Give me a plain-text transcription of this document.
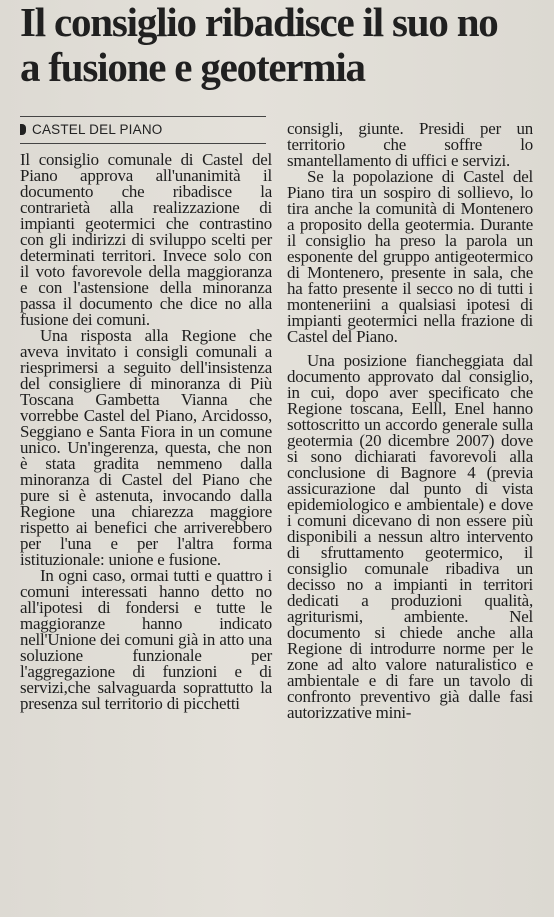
Il consiglio ribadisce il suo no
a fusione e geotermia
CASTEL DEL PIANO

Il consiglio comunale di Castel del Piano approva all'unanimità il documento che ribadisce la contrarietà alla realizzazione di impianti geotermici che contrastino con gli indirizzi di sviluppo scelti per determinati territori. Invece solo con il voto favorevole della maggioranza e con l'astensione della minoranza passa il documento che dice no alla fusione dei comuni.

Una risposta alla Regione che aveva invitato i consigli comunali a riesprimersi a seguito dell'insistenza del consigliere di minoranza di Più Toscana Gambetta Vianna che vorrebbe Castel del Piano, Arcidosso, Seggiano e Santa Fiora in un comune unico. Un'ingerenza, questa, che non è stata gradita nemmeno dalla minoranza di Castel del Piano che pure si è astenuta, invocando dalla Regione una chiarezza maggiore rispetto ai benefici che arriverebbero per l'una e per l'altra forma istituzionale: unione e fusione.

In ogni caso, ormai tutti e quattro i comuni interessati hanno detto no all'ipotesi di fondersi e tutte le maggioranze hanno indicato nell'Unione dei comuni già in atto una soluzione funzionale per l'aggregazione di funzioni e di servizi,che salvaguarda soprattutto la presenza sul territorio di picchetti

consigli, giunte. Presidi per un territorio che soffre lo smantellamento di uffici e servizi.

Se la popolazione di Castel del Piano tira un sospiro di sollievo, lo tira anche la comunità di Montenero a proposito della geotermia. Durante il consiglio ha preso la parola un esponente del gruppo antigeotermico di Montenero, presente in sala, che ha fatto presente il secco no di tutti i monteneriini a qualsiasi ipotesi di impianti geotermici nella frazione di Castel del Piano.

Una posizione fiancheggiata dal documento approvato dal consiglio, in cui, dopo aver specificato che Regione toscana, Eelll, Enel hanno sottoscritto un accordo generale sulla geotermia (20 dicembre 2007) dove si sono dichiarati favorevoli alla conclusione di Bagnore 4 (previa assicurazione dal punto di vista epidemiologico e ambientale) e dove i comuni dicevano di non essere più disponibili a nessun altro intervento di sfruttamento geotermico, il consiglio comunale ribadiva un decisso no a impianti in territori dedicati a produzioni qualità, agriturismi, ambiente. Nel documento si chiede anche alla Regione di introdurre norme per le zone ad alto valore naturalistico e ambientale e di fare un tavolo di confronto preventivo già dalle fasi autorizzative mini-
